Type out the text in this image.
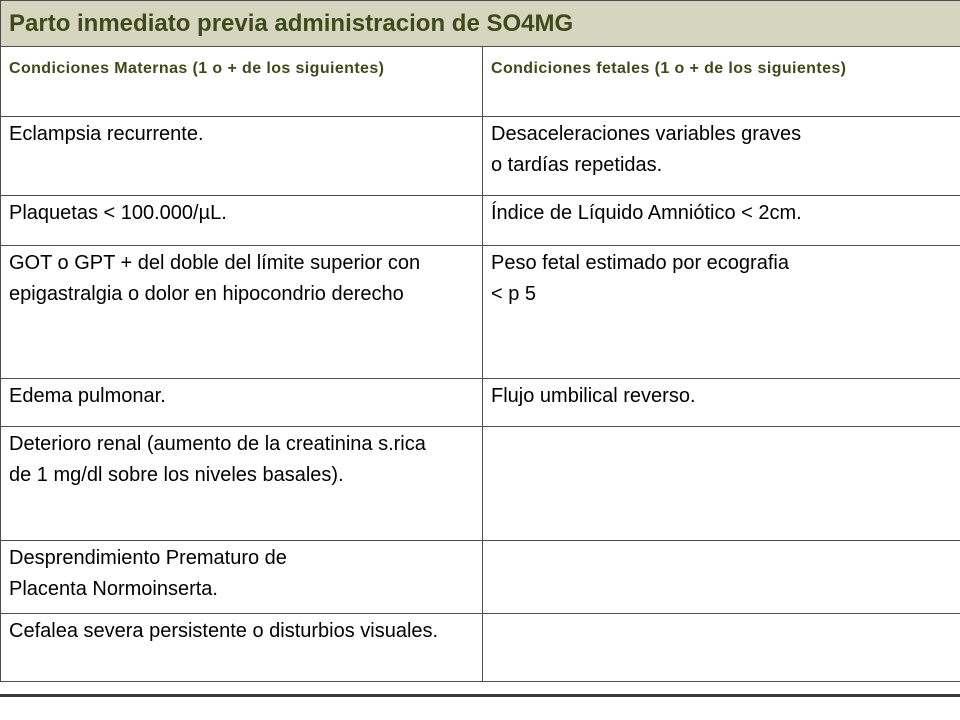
Parto inmediato previa administracion de SO4MG	
Condiciones Maternas (1 o + de los siguientes)	Condiciones fetales (1 o + de los siguientes)

Eclampsia recurrente.	Desaceleraciones variables graves
o tardías repetidas.

Plaquetas < 100.000/µL.	Índice de Líquido Amniótico < 2cm.

GOT o GPT + del doble del límite superior con
epigastralgia o dolor en hipocondrio derecho	Peso fetal estimado por ecografia
< p 5

Edema pulmonar.	Flujo umbilical reverso.

Deterioro renal (aumento de la creatinina s.rica
de 1 mg/dl sobre los niveles basales).	

Desprendimiento Prematuro de
Placenta Normoinserta.	

Cefalea severa persistente o disturbios visuales.	
